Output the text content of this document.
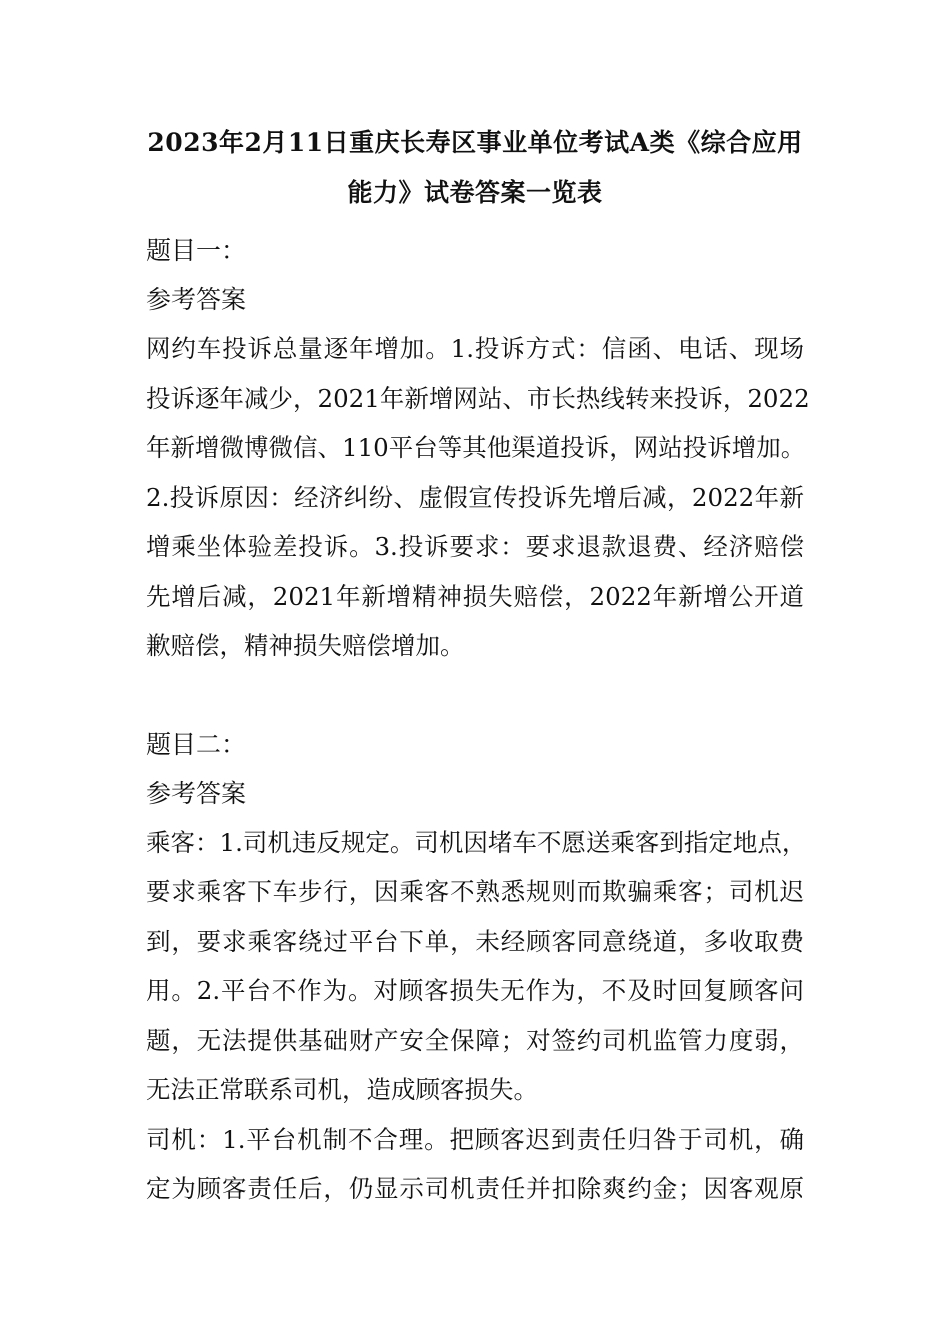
2023年2月11日重庆长寿区事业单位考试A类《综合应用
能力》试卷答案一览表

题目一：

参考答案

网约车投诉总量逐年增加。1.投诉方式：信函、电话、现场
投诉逐年减少，2021年新增网站、市长热线转来投诉，2022
年新增微博微信、110平台等其他渠道投诉，网站投诉增加。
2.投诉原因：经济纠纷、虚假宣传投诉先增后减，2022年新
增乘坐体验差投诉。3.投诉要求：要求退款退费、经济赔偿
先增后减，2021年新增精神损失赔偿，2022年新增公开道
歉赔偿，精神损失赔偿增加。

题目二：

参考答案

乘客：1.司机违反规定。司机因堵车不愿送乘客到指定地点，
要求乘客下车步行，因乘客不熟悉规则而欺骗乘客；司机迟
到，要求乘客绕过平台下单，未经顾客同意绕道，多收取费
用。2.平台不作为。对顾客损失无作为，不及时回复顾客问
题，无法提供基础财产安全保障；对签约司机监管力度弱，
无法正常联系司机，造成顾客损失。
司机：1.平台机制不合理。把顾客迟到责任归咎于司机，确
定为顾客责任后，仍显示司机责任并扣除爽约金；因客观原
